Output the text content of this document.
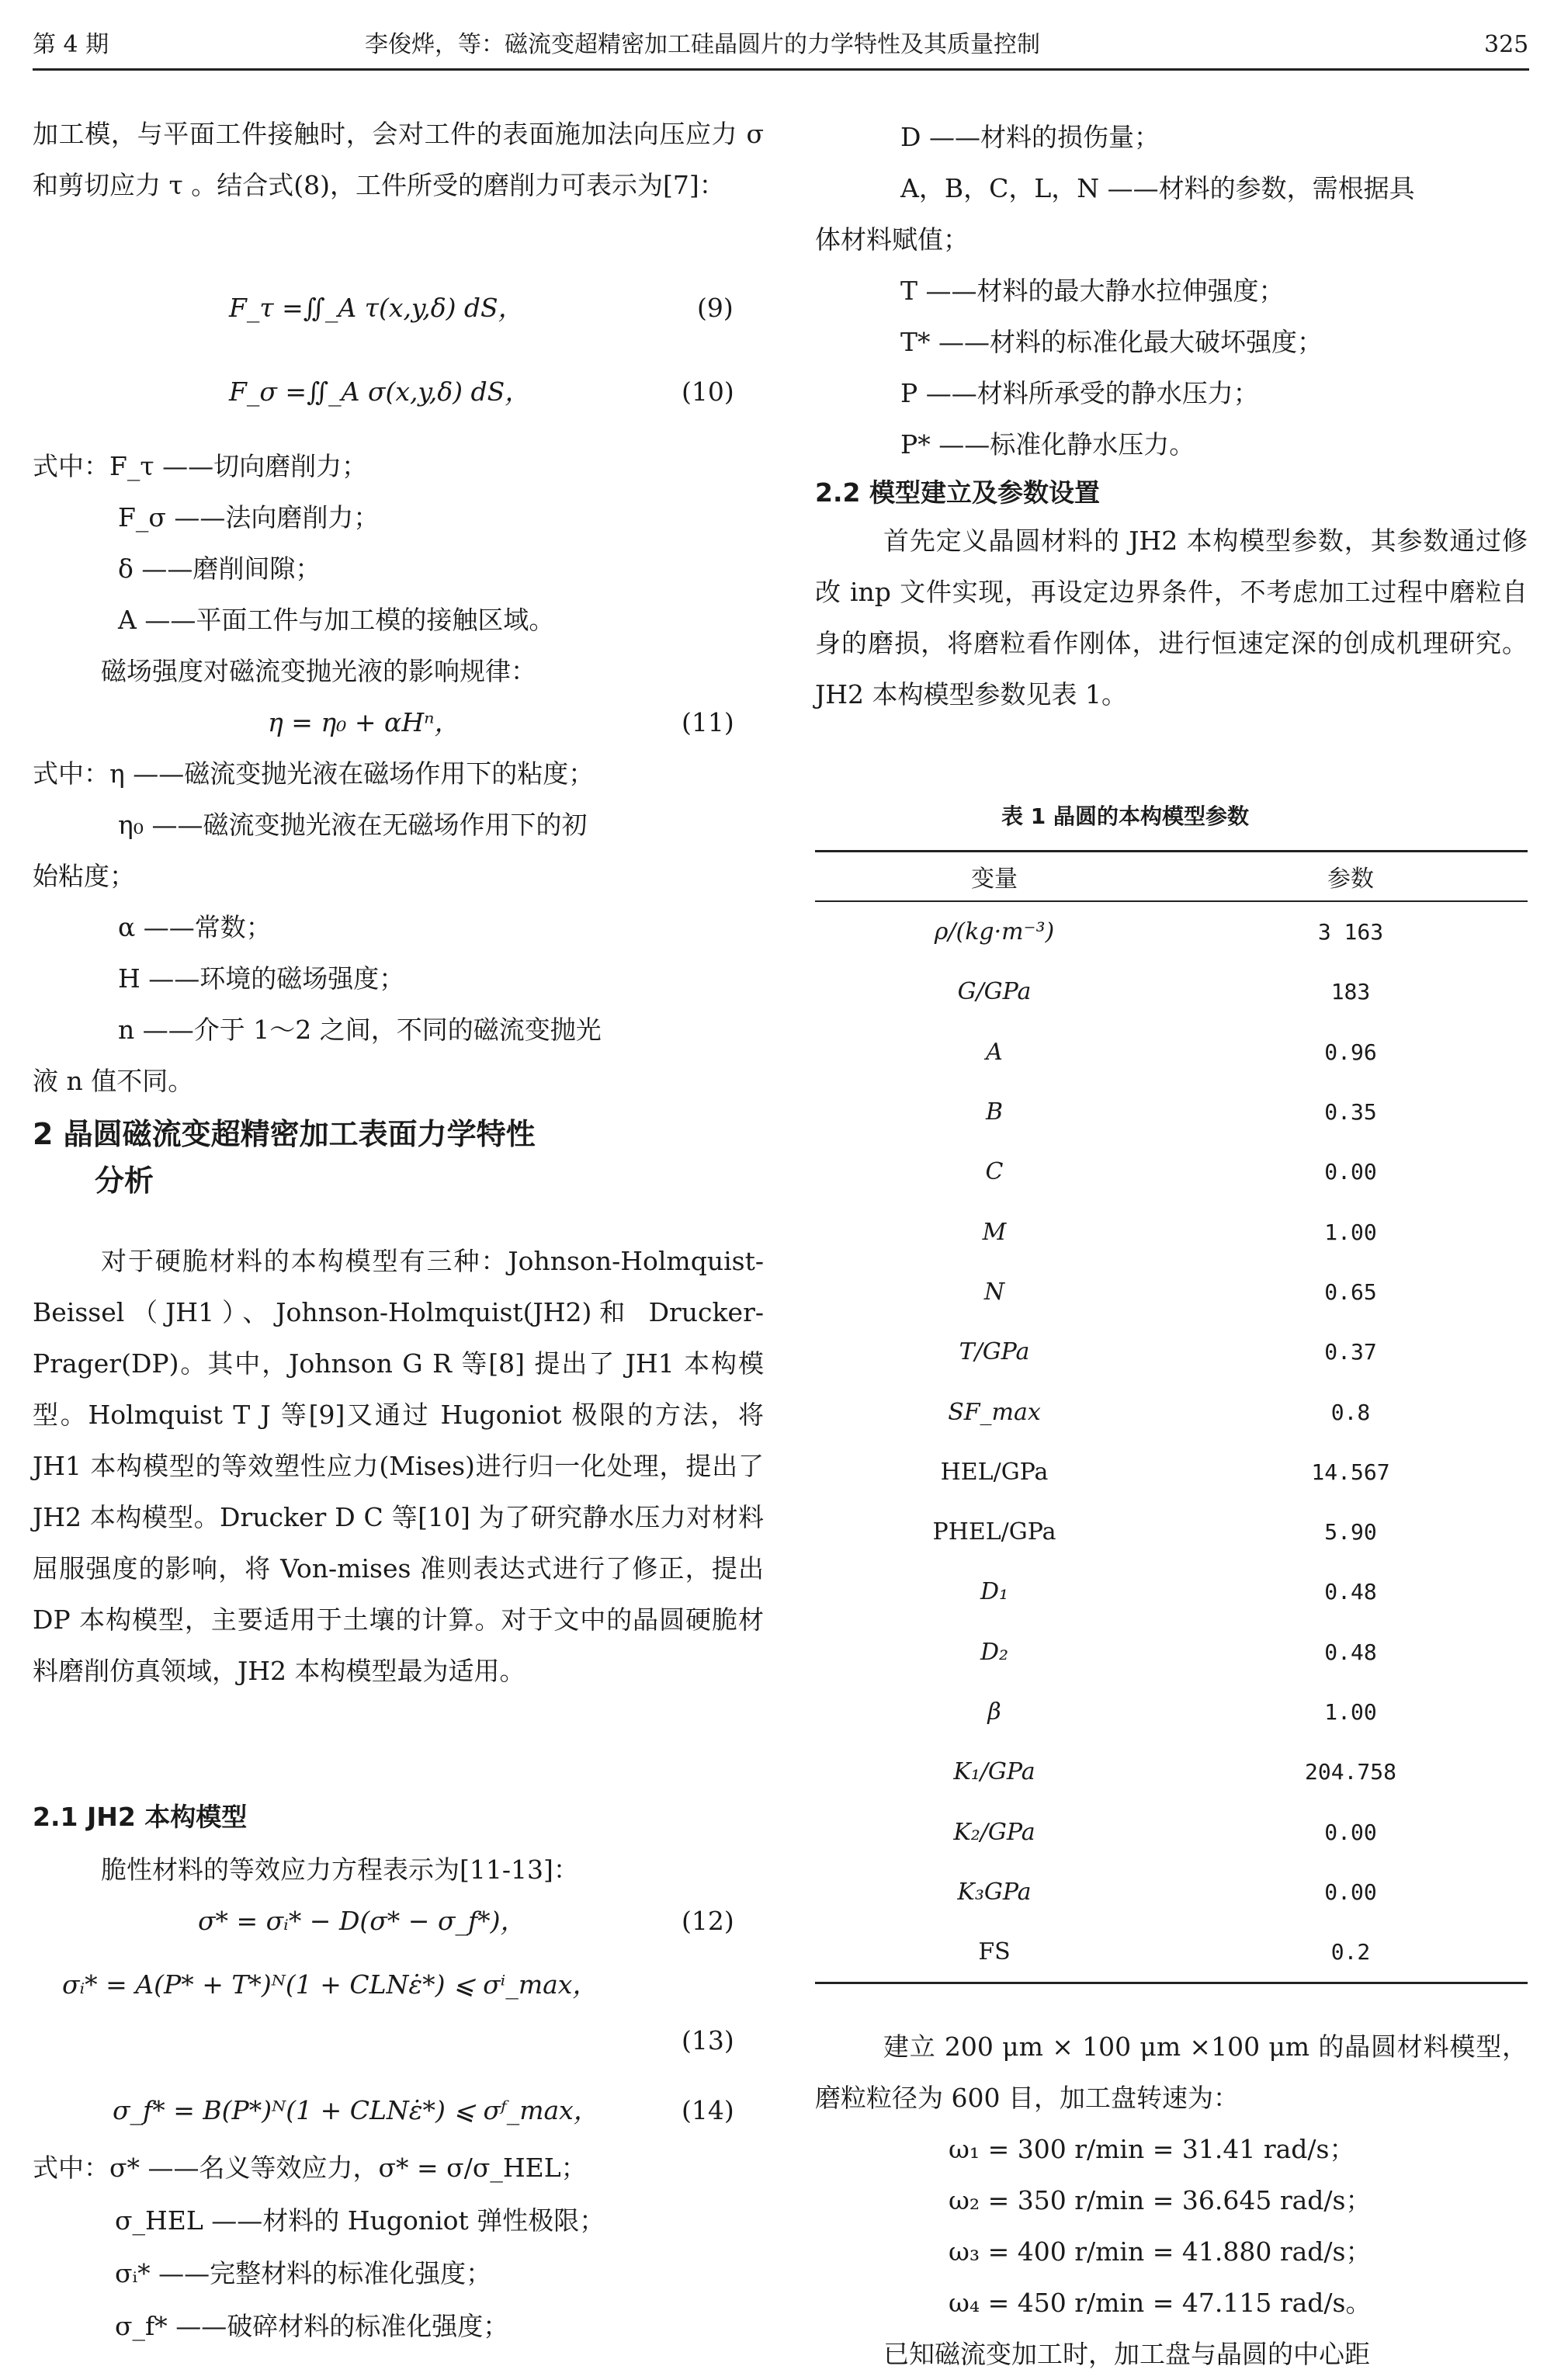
第 4 期	李俊烨，等：磁流变超精密加工硅晶圆片的力学特性及其质量控制	325
加工模，与平面工件接触时，会对工件的表面施加法向压应力 σ 和剪切应力 τ 。结合式(8)，工件所受的磨削力可表示为[7]：
F_τ =∬_A τ(x,y,δ) dS，	(9)
F_σ =∬_A σ(x,y,δ) dS，	(10)
式中：F_τ ——切向磨削力；
F_σ ——法向磨削力；
δ ——磨削间隙；
A ——平面工件与加工模的接触区域。
磁场强度对磁流变抛光液的影响规律：
η = η₀ + αHⁿ，	(11)
式中：η ——磁流变抛光液在磁场作用下的粘度；
η₀ ——磁流变抛光液在无磁场作用下的初
始粘度；
α ——常数；
H ——环境的磁场强度；
n ——介于 1～2 之间，不同的磁流变抛光
液 n 值不同。
2 晶圆磁流变超精密加工表面力学特性
分析
对于硬脆材料的本构模型有三种：Johnson-Holmquist-Beissel（JH1）、Johnson-Holmquist(JH2)和 Drucker-Prager(DP)。其中，Johnson G R 等[8] 提出了 JH1 本构模型。Holmquist T J 等[9]又通过 Hugoniot 极限的方法，将 JH1 本构模型的等效塑性应力(Mises)进行归一化处理，提出了 JH2 本构模型。Drucker D C 等[10] 为了研究静水压力对材料屈服强度的影响，将 Von-mises 准则表达式进行了修正，提出 DP 本构模型，主要适用于土壤的计算。对于文中的晶圆硬脆材料磨削仿真领域，JH2 本构模型最为适用。
2.1 JH2 本构模型
脆性材料的等效应力方程表示为[11-13]：
σ* = σᵢ* − D(σ* − σ_f*)，	(12)
σᵢ* = A(P* + T*)ᴺ(1 + CLNε̇*) ⩽ σⁱ_max，
(13)
σ_f* = B(P*)ᴺ(1 + CLNε̇*) ⩽ σᶠ_max，	(14)
式中：σ* ——名义等效应力，σ* = σ/σ_HEL；
σ_HEL ——材料的 Hugoniot 弹性极限；
σᵢ* ——完整材料的标准化强度；
σ_f* ——破碎材料的标准化强度；
D ——材料的损伤量；
A，B，C，L，N ——材料的参数，需根据具
体材料赋值；
T ——材料的最大静水拉伸强度；
T* ——材料的标准化最大破坏强度；
P ——材料所承受的静水压力；
P* ——标准化静水压力。
2.2 模型建立及参数设置
首先定义晶圆材料的 JH2 本构模型参数，其参数通过修改 inp 文件实现，再设定边界条件，不考虑加工过程中磨粒自身的磨损，将磨粒看作刚体，进行恒速定深的创成机理研究。JH2 本构模型参数见表 1。
表 1 晶圆的本构模型参数
变量	参数
ρ/(kg·m⁻³)	3 163
G/GPa	183
A	0.96
B	0.35
C	0.00
M	1.00
N	0.65
T/GPa	0.37
SF_max	0.8
HEL/GPa	14.567
PHEL/GPa	5.90
D₁	0.48
D₂	0.48
β	1.00
K₁/GPa	204.758
K₂/GPa	0.00
K₃GPa	0.00
FS	0.2
建立 200 μm × 100 μm ×100 μm 的晶圆材料模型，磨粒粒径为 600 目，加工盘转速为：
ω₁ = 300 r/min = 31.41 rad/s；
ω₂ = 350 r/min = 36.645 rad/s；
ω₃ = 400 r/min = 41.880 rad/s；
ω₄ = 450 r/min = 47.115 rad/s。
已知磁流变加工时，加工盘与晶圆的中心距
